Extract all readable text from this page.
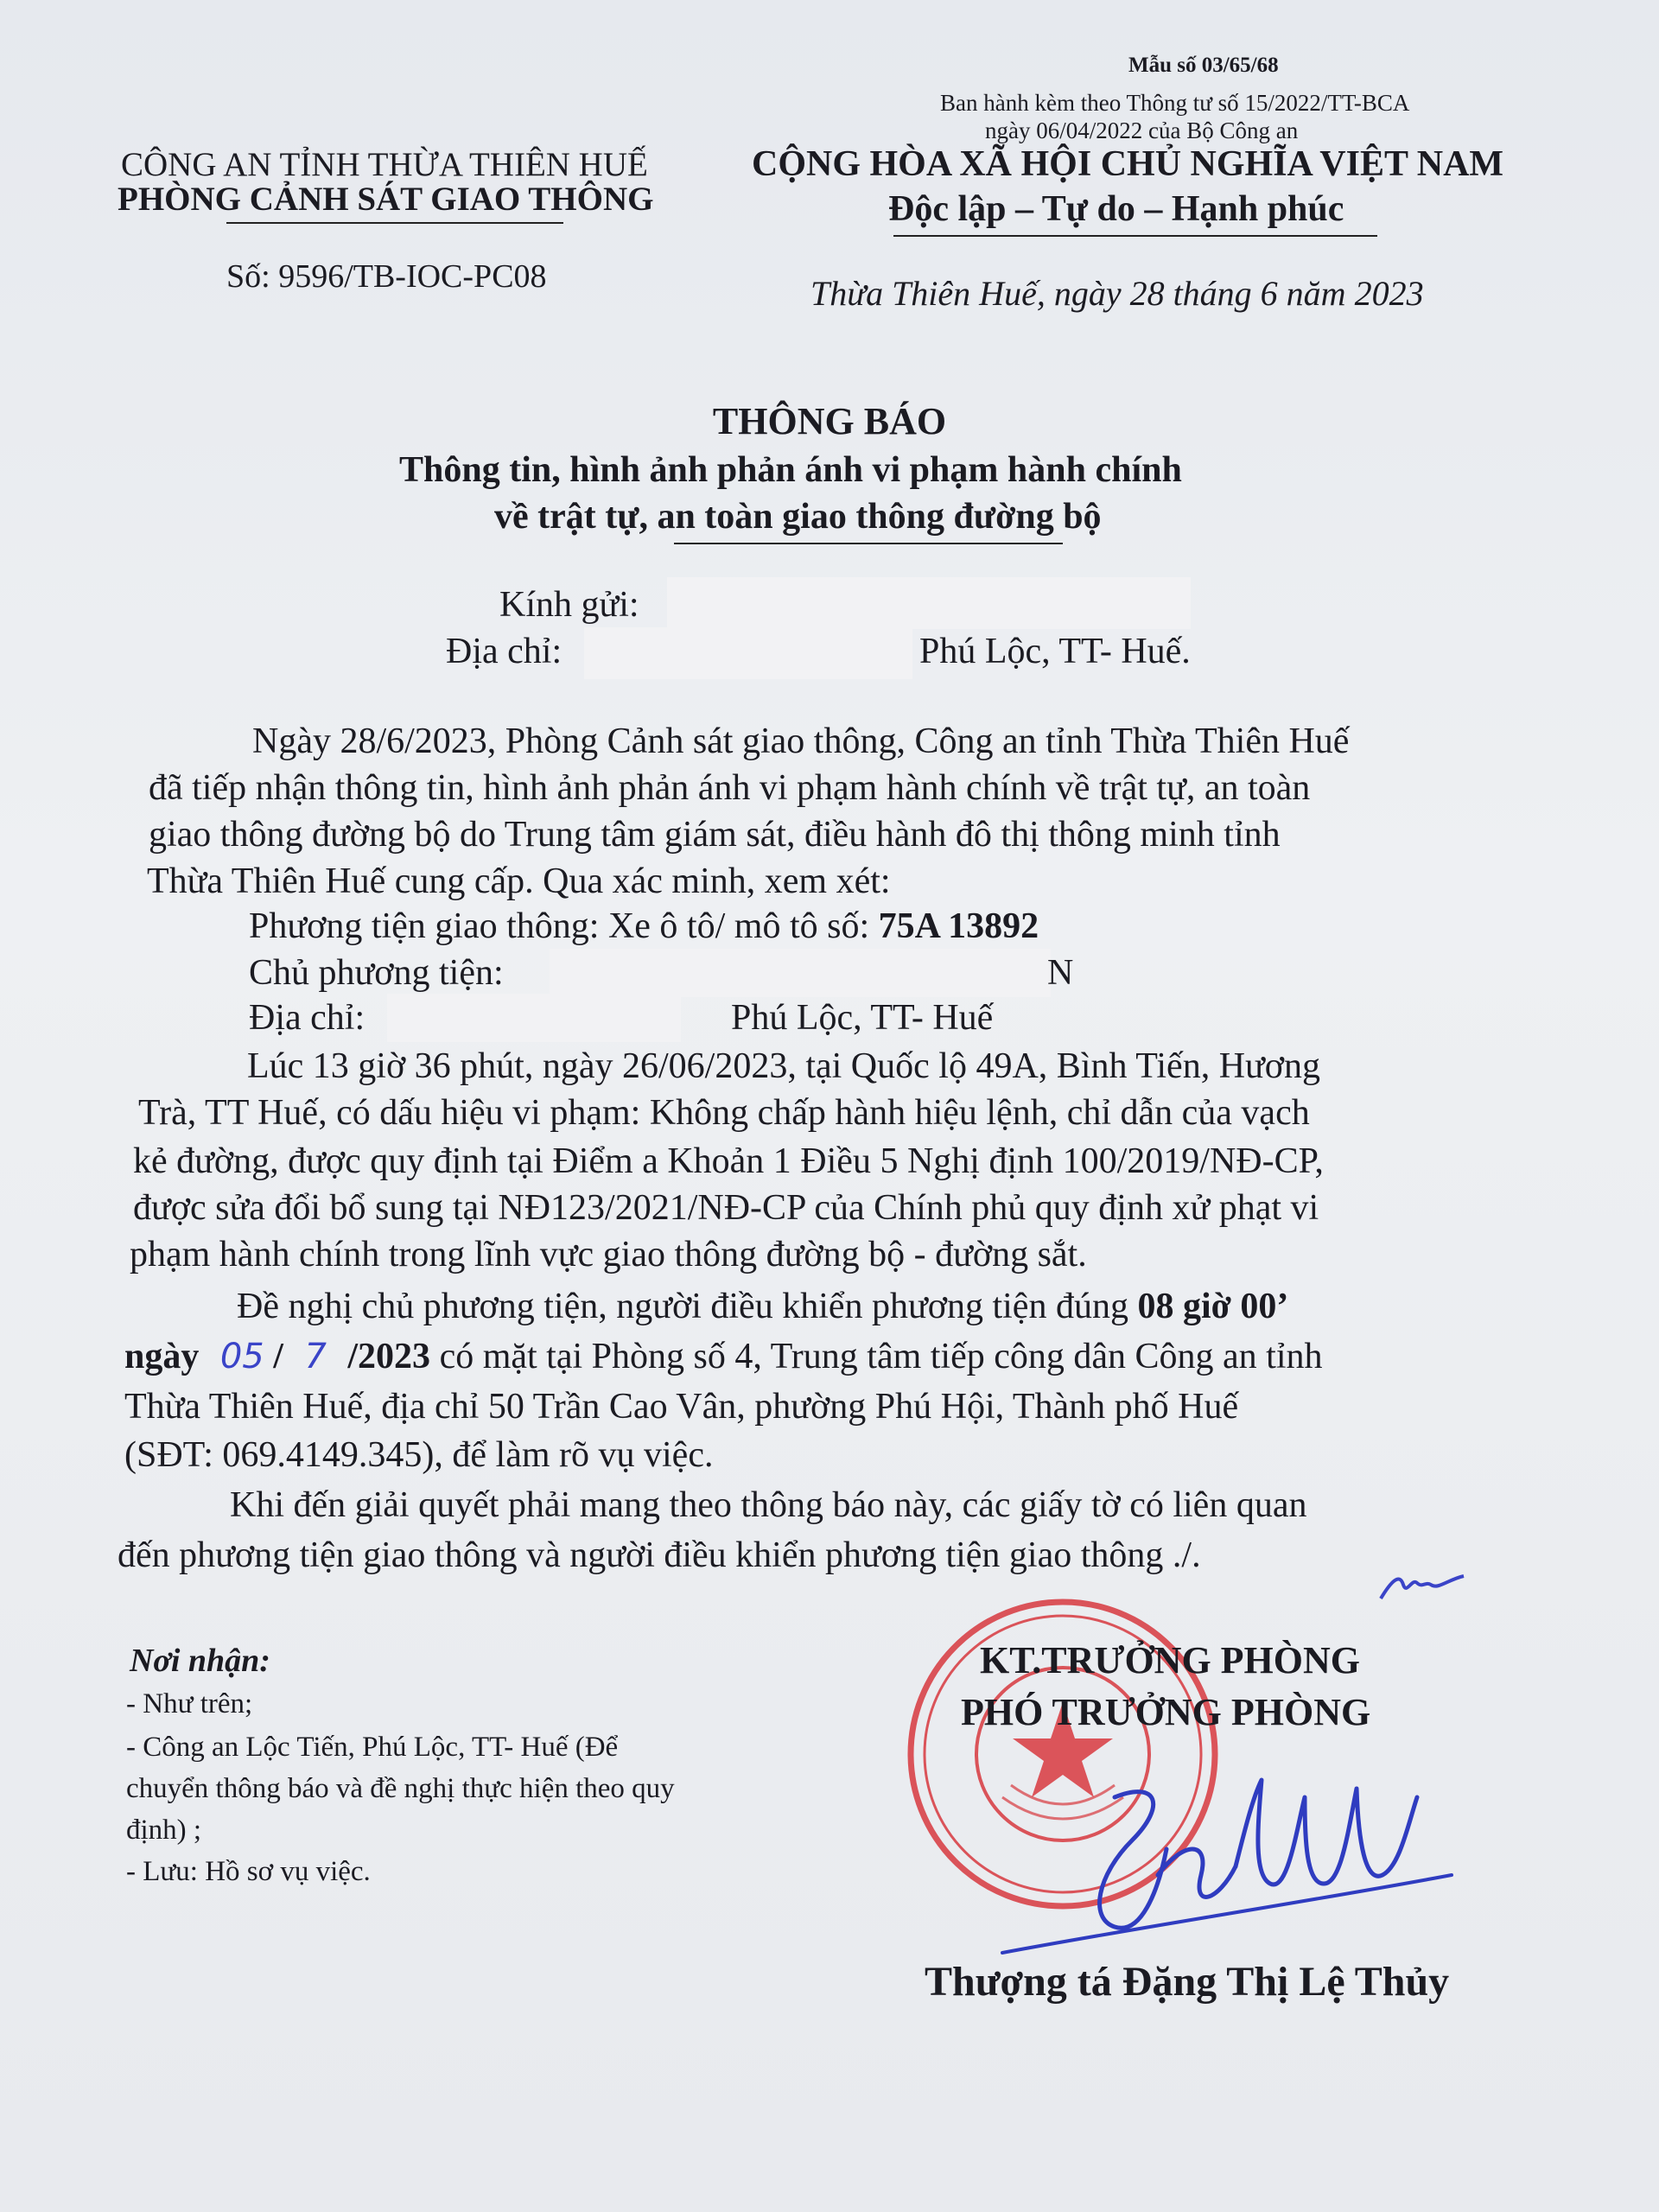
Mẫu số 03/65/68
Ban hành kèm theo Thông tư số 15/2022/TT-BCA
ngày 06/04/2022 của Bộ Công an
CÔNG AN TỈNH THỪA THIÊN HUẾ
PHÒNG CẢNH SÁT GIAO THÔNG
Số: 9596/TB-IOC-PC08
CỘNG HÒA XÃ HỘI CHỦ NGHĨA VIỆT NAM
Độc lập – Tự do – Hạnh phúc
Thừa Thiên Huế, ngày 28 tháng 6 năm 2023
THÔNG BÁO
Thông tin, hình ảnh phản ánh vi phạm hành chính
về trật tự, an toàn giao thông đường bộ
Kính gửi:
Địa chỉ:	Phú Lộc, TT- Huế.
Ngày 28/6/2023, Phòng Cảnh sát giao thông, Công an tỉnh Thừa Thiên Huế
đã tiếp nhận thông tin, hình ảnh phản ánh vi phạm hành chính về trật tự, an toàn
giao thông đường bộ do Trung tâm giám sát, điều hành đô thị thông minh tỉnh
Thừa Thiên Huế cung cấp. Qua xác minh, xem xét:
Phương tiện giao thông: Xe ô tô/ mô tô số: 75A 13892
Chủ phương tiện:	N
Địa chỉ:	Phú Lộc, TT- Huế
Lúc 13 giờ 36 phút, ngày 26/06/2023, tại Quốc lộ 49A, Bình Tiến, Hương
Trà, TT Huế, có dấu hiệu vi phạm: Không chấp hành hiệu lệnh, chỉ dẫn của vạch
kẻ đường, được quy định tại Điểm a Khoản 1 Điều 5 Nghị định 100/2019/NĐ-CP,
được sửa đổi bổ sung tại NĐ123/2021/NĐ-CP của Chính phủ quy định xử phạt vi
phạm hành chính trong lĩnh vực giao thông đường bộ - đường sắt.
Đề nghị chủ phương tiện, người điều khiển phương tiện đúng 08 giờ 00’
ngày 05 / 7 /2023 có mặt tại Phòng số 4, Trung tâm tiếp công dân Công an tỉnh
Thừa Thiên Huế, địa chỉ 50 Trần Cao Vân, phường Phú Hội, Thành phố Huế
(SĐT: 069.4149.345), để làm rõ vụ việc.
Khi đến giải quyết phải mang theo thông báo này, các giấy tờ có liên quan
đến phương tiện giao thông và người điều khiển phương tiện giao thông ./.
Nơi nhận:
- Như trên;
- Công an Lộc Tiến, Phú Lộc, TT- Huế (Để
chuyển thông báo và đề nghị thực hiện theo quy
định) ;
- Lưu: Hồ sơ vụ việc.
KT.TRƯỞNG PHÒNG
PHÓ TRƯỞNG PHÒNG
Thượng tá Đặng Thị Lệ Thủy
